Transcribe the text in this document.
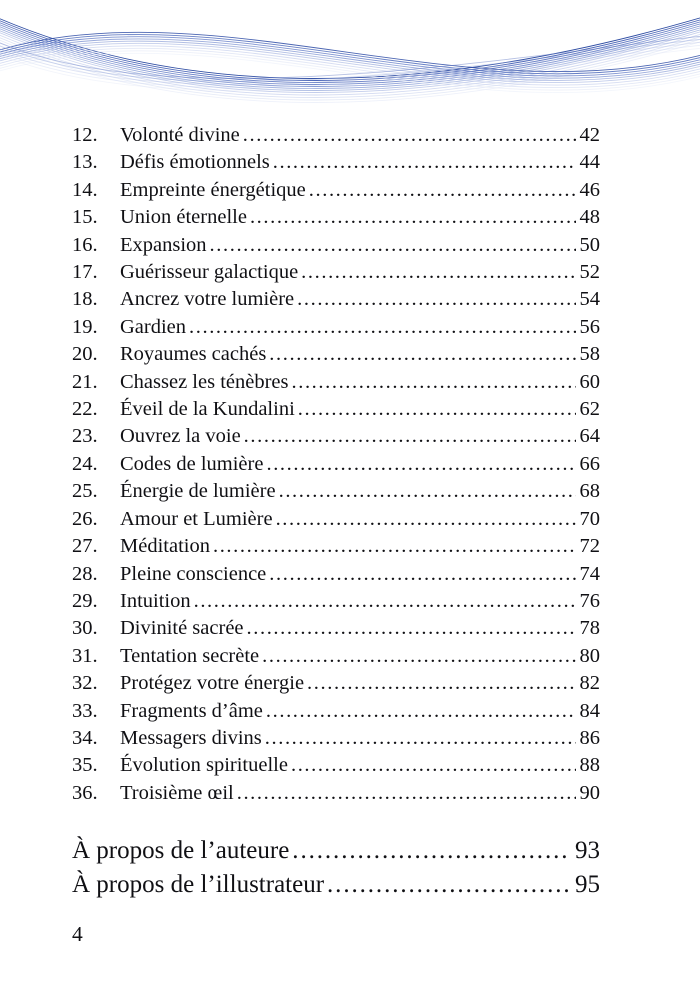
12.	Volonté divine .....	42
13.	Défis émotionnels .....	44
14.	Empreinte énergétique .....	46
15.	Union éternelle .....	48
16.	Expansion .....	50
17.	Guérisseur galactique .....	52
18.	Ancrez votre lumière .....	54
19.	Gardien .....	56
20.	Royaumes cachés .....	58
21.	Chassez les ténèbres .....	60
22.	Éveil de la Kundalini .....	62
23.	Ouvrez la voie .....	64
24.	Codes de lumière .....	66
25.	Énergie de lumière .....	68
26.	Amour et Lumière .....	70
27.	Méditation .....	72
28.	Pleine conscience .....	74
29.	Intuition .....	76
30.	Divinité sacrée .....	78
31.	Tentation secrète .....	80
32.	Protégez votre énergie .....	82
33.	Fragments d’âme .....	84
34.	Messagers divins .....	86
35.	Évolution spirituelle .....	88
36.	Troisième œil .....	90
À propos de l’auteure .....	93
À propos de l’illustrateur .....	95
4
